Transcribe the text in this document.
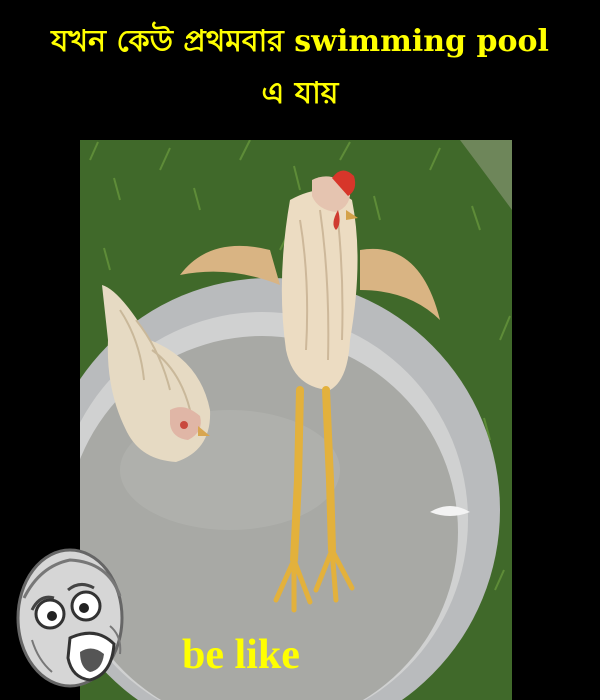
যখন কেউ প্রথমবার swimming pool
এ যায়
be like
